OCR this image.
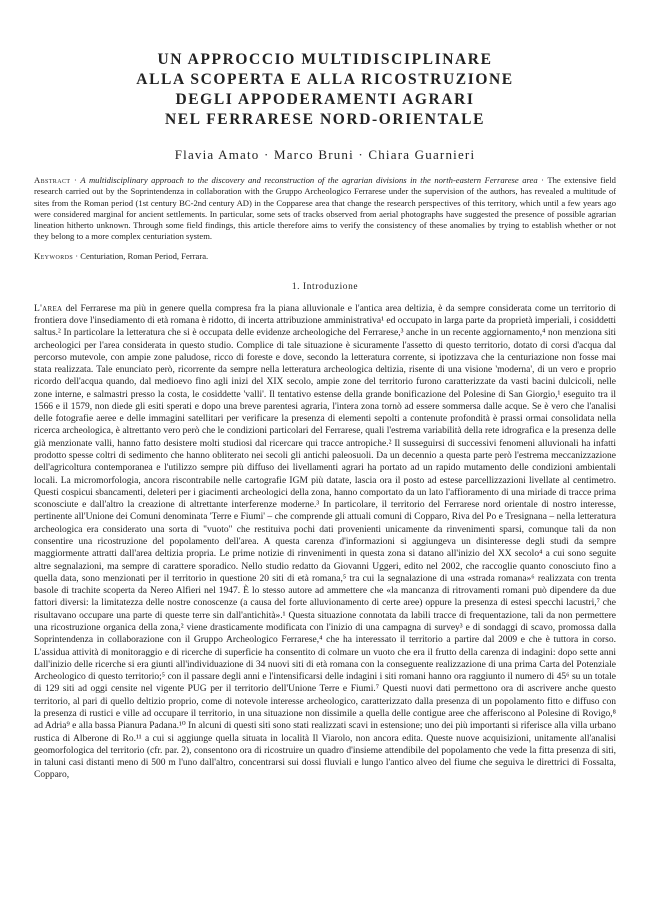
UN APPROCCIO MULTIDISCIPLINARE
ALLA SCOPERTA E ALLA RICOSTRUZIONE
DEGLI APPODERAMENTI AGRARI
NEL FERRARESE NORD-ORIENTALE
Flavia Amato · Marco Bruni · Chiara Guarnieri

Abstract · A multidisciplinary approach to the discovery and reconstruction of the agrarian divisions in the north-eastern Ferrarese area · The extensive field research carried out by the Soprintendenza in collaboration with the Gruppo Archeologico Ferrarese under the supervision of the authors, has revealed a multitude of sites from the Roman period (1st century BC-2nd century AD) in the Copparese area that change the research perspectives of this territory, which until a few years ago were considered marginal for ancient settlements. In particular, some sets of tracks observed from aerial photographs have suggested the presence of possible agrarian lineation hitherto unknown. Through some field findings, this article therefore aims to verify the consistency of these anomalies by trying to establish whether or not they belong to a more complex centuriation system.

Keywords · Centuriation, Roman Period, Ferrara.

1. Introduzione

L'area del Ferrarese ma più in genere quella compresa fra la piana alluvionale e l'antica area deltizia, è da sempre considerata come un territorio di frontiera dove l'insediamento di età romana è ridotto, di incerta attribuzione amministrativa¹ ed occupato in larga parte da proprietà imperiali, i cosiddetti saltus.² In particolare la letteratura che si è occupata delle evidenze archeologiche del Ferrarese,³ anche in un recente aggiornamento,⁴ non menziona siti archeologici per l'area considerata in questo studio. Complice di tale situazione è sicuramente l'assetto di questo territorio, dotato di corsi d'acqua dal percorso mutevole, con ampie zone paludose, ricco di foreste e dove, secondo la letteratura corrente, si ipotizzava che la centuriazione non fosse mai stata realizzata. Tale enunciato però, ricorrente da sempre nella letteratura archeologica deltizia, risente di una visione 'moderna', di un vero e proprio ricordo dell'acqua quando, dal medioevo fino agli inizi del XIX secolo, ampie zone del territorio furono caratterizzate da vasti bacini dulcicoli, nelle zone interne, e salmastri presso la costa, le cosiddette 'valli'. Il tentativo estense della grande bonificazione del Polesine di San Giorgio,¹ eseguito tra il 1566 e il 1579, non diede gli esiti sperati e dopo una breve parentesi agraria, l'intera zona tornò ad essere sommersa dalle acque. Se è vero che l'analisi delle fotografie aeree e delle immagini satellitari per verificare la presenza di elementi sepolti a contenute profondità è prassi ormai consolidata nella ricerca archeologica, è altrettanto vero però che le condizioni particolari del Ferrarese, quali l'estrema variabilità della rete idrografica e la presenza delle già menzionate valli, hanno fatto desistere molti studiosi dal ricercare qui tracce antropiche.² Il susseguirsi di successivi fenomeni alluvionali ha infatti prodotto spesse coltri di sedimento che hanno obliterato nei secoli gli antichi paleosuoli. Da un decennio a questa parte però l'estrema meccanizzazione dell'agricoltura contemporanea e l'utilizzo sempre più diffuso dei livellamenti agrari ha portato ad un rapido mutamento delle condizioni ambientali locali. La micromorfologia, ancora riscontrabile nelle cartografie IGM più datate, lascia ora il posto ad estese parcellizzazioni livellate al centimetro. Questi cospicui sbancamenti, deleteri per i giacimenti archeologici della zona, hanno comportato da un lato l'affioramento di una miriade di tracce prima sconosciute e dall'altro la creazione di altrettante interferenze moderne.³ In particolare, il territorio del Ferrarese nord orientale di nostro interesse, pertinente all'Unione dei Comuni denominata 'Terre e Fiumi' – che comprende gli attuali comuni di Copparo, Riva del Po e Tresignana – nella letteratura archeologica era considerato una sorta di "vuoto" che restituiva pochi dati provenienti unicamente da rinvenimenti sparsi, comunque tali da non consentire una ricostruzione del popolamento dell'area. A questa carenza d'informazioni si aggiungeva un disinteresse degli studi da sempre maggiormente attratti dall'area deltizia propria. Le prime notizie di rinvenimenti in questa zona si datano all'inizio del XX secolo⁴ a cui sono seguite altre segnalazioni, ma sempre di carattere sporadico. Nello studio redatto da Giovanni Uggeri, edito nel 2002, che raccoglie quanto conosciuto fino a quella data, sono menzionati per il territorio in questione 20 siti di età romana,⁵ tra cui la segnalazione di una «strada romana»⁶ realizzata con trenta basole di trachite scoperta da Nereo Alfieri nel 1947. È lo stesso autore ad ammettere che «la mancanza di ritrovamenti romani può dipendere da due fattori diversi: la limitatezza delle nostre conoscenze (a causa del forte alluvionamento di certe aree) oppure la presenza di estesi specchi lacustri,⁷ che risultavano occupare una parte di queste terre sin dall'antichità».¹ Questa situazione connotata da labili tracce di frequentazione, tali da non permettere una ricostruzione organica della zona,² viene drasticamente modificata con l'inizio di una campagna di survey³ e di sondaggi di scavo, promossa dalla Soprintendenza in collaborazione con il Gruppo Archeologico Ferrarese,⁴ che ha interessato il territorio a partire dal 2009 e che è tuttora in corso. L'assidua attività di monitoraggio e di ricerche di superficie ha consentito di colmare un vuoto che era il frutto della carenza di indagini: dopo sette anni dall'inizio delle ricerche si era giunti all'individuazione di 34 nuovi siti di età romana con la conseguente realizzazione di una prima Carta del Potenziale Archeologico di questo territorio;⁵ con il passare degli anni e l'intensificarsi delle indagini i siti romani hanno ora raggiunto il numero di 45⁶ su un totale di 129 siti ad oggi censite nel vigente PUG per il territorio dell'Unione Terre e Fiumi.⁷ Questi nuovi dati permettono ora di ascrivere anche questo territorio, al pari di quello deltizio proprio, come di notevole interesse archeologico, caratterizzato dalla presenza di un popolamento fitto e diffuso con la presenza di rustici e ville ad occupare il territorio, in una situazione non dissimile a quella delle contigue aree che afferiscono al Polesine di Rovigo,⁸ ad Adria⁹ e alla bassa Pianura Padana.¹⁰ In alcuni di questi siti sono stati realizzati scavi in estensione; uno dei più importanti si riferisce alla villa urbano rustica di Alberone di Ro.¹¹ a cui si aggiunge quella situata in località Il Viarolo, non ancora edita. Queste nuove acquisizioni, unitamente all'analisi geomorfologica del territorio (cfr. par. 2), consentono ora di ricostruire un quadro d'insieme attendibile del popolamento che vede la fitta presenza di siti, in taluni casi distanti meno di 500 m l'uno dall'altro, concentrarsi sui dossi fluviali e lungo l'antico alveo del fiume che seguiva le direttrici di Fossalta, Copparo,
